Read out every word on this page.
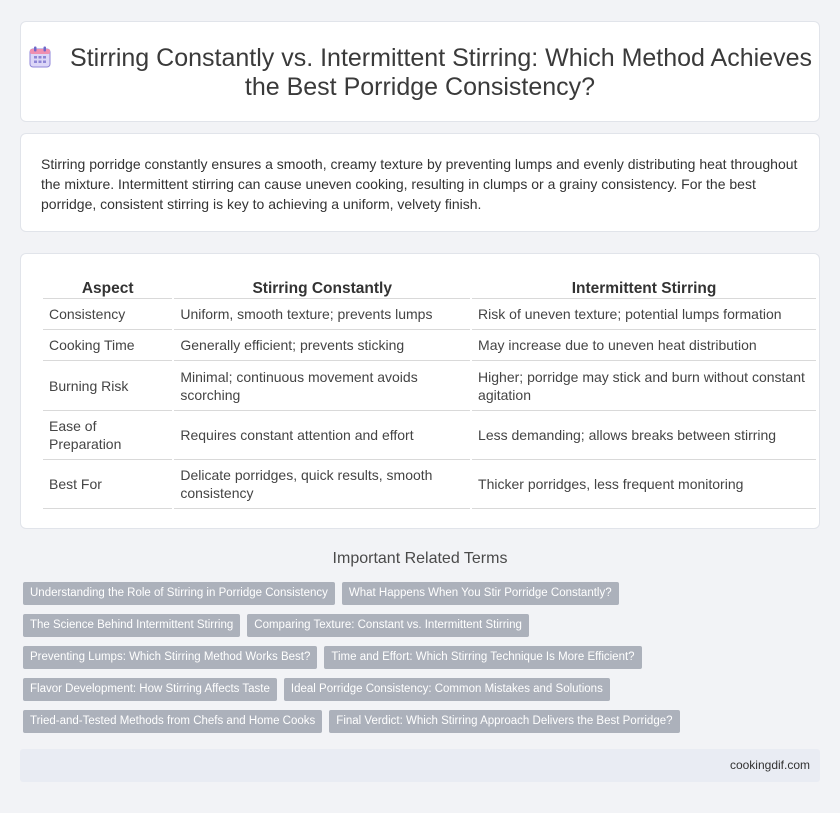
Stirring Constantly vs. Intermittent Stirring: Which Method Achieves the Best Porridge Consistency?

Stirring porridge constantly ensures a smooth, creamy texture by preventing lumps and evenly distributing heat throughout the mixture. Intermittent stirring can cause uneven cooking, resulting in clumps or a grainy consistency. For the best porridge, consistent stirring is key to achieving a uniform, velvety finish.

Aspect	Stirring Constantly	Intermittent Stirring
Consistency	Uniform, smooth texture; prevents lumps	Risk of uneven texture; potential lumps formation
Cooking Time	Generally efficient; prevents sticking	May increase due to uneven heat distribution
Burning Risk	Minimal; continuous movement avoids scorching	Higher; porridge may stick and burn without constant agitation
Ease of Preparation	Requires constant attention and effort	Less demanding; allows breaks between stirring
Best For	Delicate porridges, quick results, smooth consistency	Thicker porridges, less frequent monitoring
Important Related Terms
Understanding the Role of Stirring in Porridge Consistency	What Happens When You Stir Porridge Constantly?
The Science Behind Intermittent Stirring	Comparing Texture: Constant vs. Intermittent Stirring
Preventing Lumps: Which Stirring Method Works Best?	Time and Effort: Which Stirring Technique Is More Efficient?
Flavor Development: How Stirring Affects Taste	Ideal Porridge Consistency: Common Mistakes and Solutions
Tried-and-Tested Methods from Chefs and Home Cooks	Final Verdict: Which Stirring Approach Delivers the Best Porridge?
cookingdif.com
